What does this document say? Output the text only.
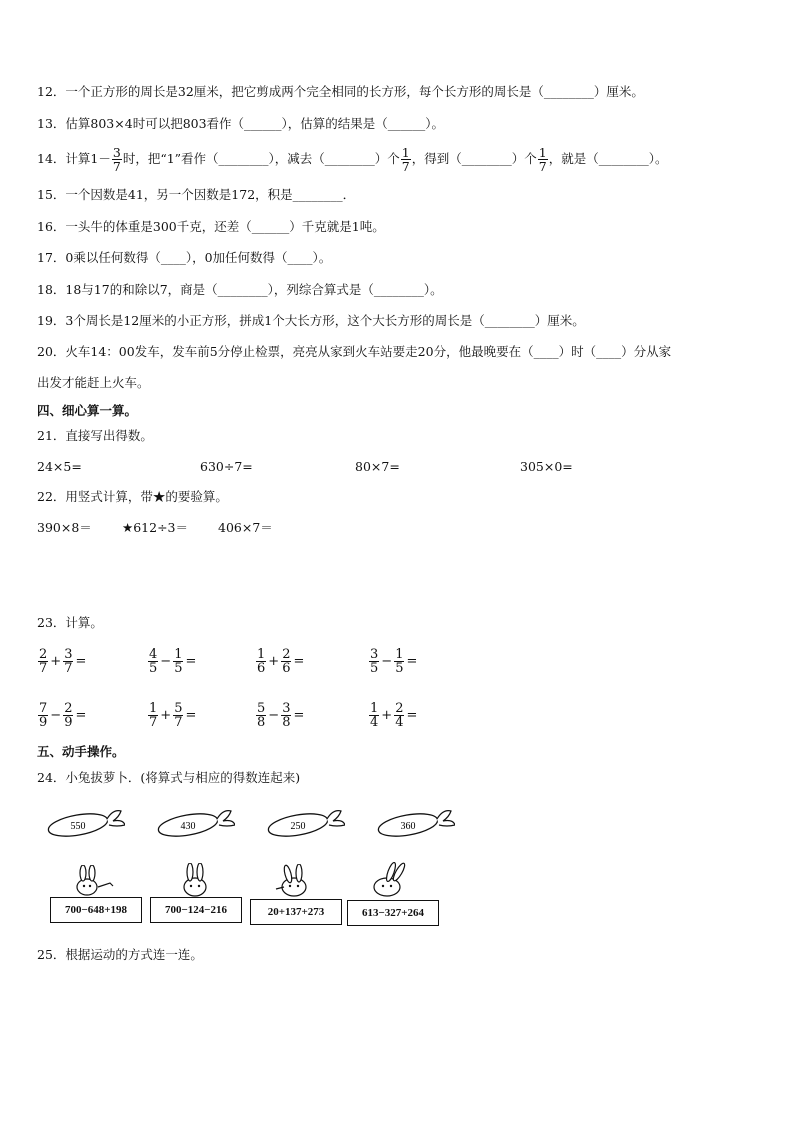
12．一个正方形的周长是32厘米，把它剪成两个完全相同的长方形，每个长方形的周长是（________）厘米。
13．估算803×4时可以把803看作（______），估算的结果是（______）。
14．计算$1- \frac{3}{7}$ 时，把“1”看作（________），减去（________）个 $\frac{1}{7}$ ，得到（________）个 $\frac{1}{7}$ ，就是（________）。
15．一个因数是41，另一个因数是172，积是________．
16．一头牛的体重是300千克，还差（______）千克就是1吨。
17．0乘以任何数得（____），0加任何数得（____）。
18．18与17的和除以7，商是（________），列综合算式是（________）。
19．3个周长是12厘米的小正方形，拼成1个大长方形，这个大长方形的周长是（________）厘米。
20．火车14：00发车，发车前5分停止检票，亮亮从家到火车站要走20分，他最晚要在（____）时（____）分从家
出发才能赶上火车。
四、细心算一算。
21．直接写出得数。
24×5=	630÷7=	80×7=	305×0=
22．用竖式计算，带★的要验算。
390×8＝ ★612÷3＝ 406×7＝
23．计算。
$\frac{2}{7} + \frac{3}{7}$ =	$\frac{4}{5} - \frac{1}{5}$ =	$\frac{1}{6} + \frac{2}{6}$ =	$\frac{3}{5} - \frac{1}{5}$ =
$\frac{7}{9} - \frac{2}{9}$ =	$\frac{1}{7} + \frac{5}{7}$ =	$\frac{5}{8} - \frac{3}{8}$ =	$\frac{1}{4} + \frac{2}{4}$ =
五、动手操作。
24．小兔拔萝卜．(将算式与相应的得数连起来)
550	430	250	360
700−648+198	700−124−216	20+137+273	613−327+264
25．根据运动的方式连一连。
